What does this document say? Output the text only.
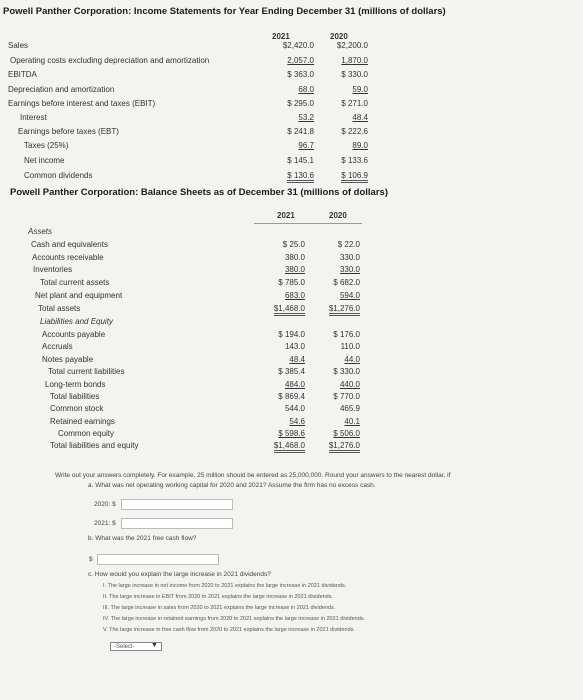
Powell Panther Corporation: Income Statements for Year Ending December 31 (millions of dollars)
2021	2020
Sales	$2,420.0	$2,200.0
Operating costs excluding depreciation and amortization	2,057.0	1,870.0
EBITDA	$ 363.0	$ 330.0
Depreciation and amortization	68.0	59.0
Earnings before interest and taxes (EBIT)	$ 295.0	$ 271.0
Interest	53.2	48.4
Earnings before taxes (EBT)	$ 241.8	$ 222.6
Taxes (25%)	96.7	89.0
Net income	$ 145.1	$ 133.6
Common dividends	$ 130.6	$ 106.9
Powell Panther Corporation: Balance Sheets as of December 31 (millions of dollars)
2021	2020
Assets
Cash and equivalents	$ 25.0	$ 22.0
Accounts receivable	380.0	330.0
Inventories	380.0	330.0
Total current assets	$ 785.0	$ 682.0
Net plant and equipment	683.0	594.0
Total assets	$1,468.0	$1,276.0
Liabilities and Equity
Accounts payable	$ 194.0	$ 176.0
Accruals	143.0	110.0
Notes payable	48.4	44.0
Total current liabilities	$ 385.4	$ 330.0
Long-term bonds	484.0	440.0
Total liabilities	$ 869.4	$ 770.0
Common stock	544.0	465.9
Retained earnings	54.6	40.1
Common equity	$ 598.6	$ 506.0
Total liabilities and equity	$1,468.0	$1,276.0
Write out your answers completely. For example, 25 million should be entered as 25,000,000. Round your answers to the nearest dollar, if
a. What was net operating working capital for 2020 and 2021? Assume the firm has no excess cash.
2020: $
2021: $
b. What was the 2021 free cash flow?
$
c. How would you explain the large increase in 2021 dividends?
I. The large increase in net income from 2020 to 2021 explains the large increase in 2021 dividends.
II. The large increase in EBIT from 2020 to 2021 explains the large increase in 2021 dividends.
III. The large increase in sales from 2020 to 2021 explains the large increase in 2021 dividends.
IV. The large increase in retained earnings from 2020 to 2021 explains the large increase in 2021 dividends.
V. The large increase in free cash flow from 2020 to 2021 explains the large increase in 2021 dividends.
-Select-	▼
